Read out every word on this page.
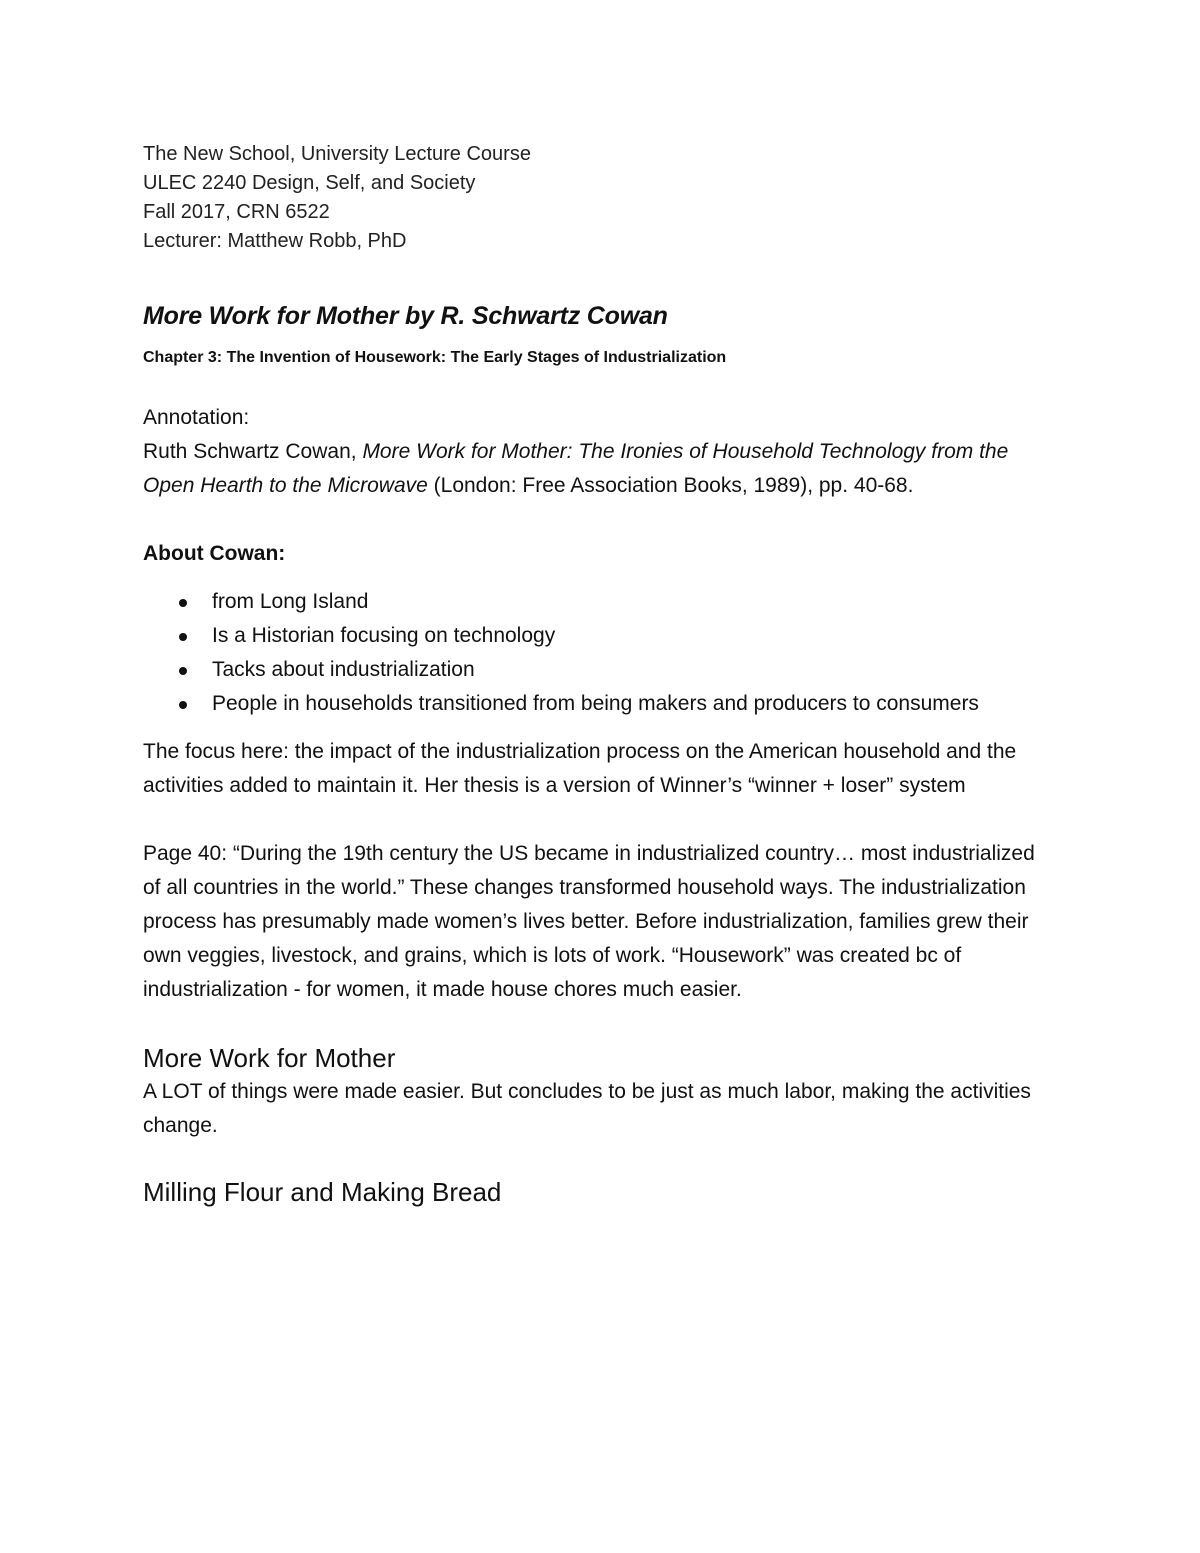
The New School, University Lecture Course

ULEC 2240 Design, Self, and Society

Fall 2017, CRN 6522

Lecturer: Matthew Robb, PhD

More Work for Mother by R. Schwartz Cowan

Chapter 3: The Invention of Housework: The Early Stages of Industrialization

Annotation:

Ruth Schwartz Cowan, More Work for Mother: The Ironies of Household Technology from the Open Hearth to the Microwave (London: Free Association Books, 1989), pp. 40-68.

About Cowan:

from Long Island
Is a Historian focusing on technology
Tacks about industrialization
People in households transitioned from being makers and producers to consumers

The focus here: the impact of the industrialization process on the American household and the activities added to maintain it. Her thesis is a version of Winner’s “winner + loser” system

Page 40: “During the 19th century the US became in industrialized country… most industrialized of all countries in the world.” These changes transformed household ways. The industrialization process has presumably made women’s lives better. Before industrialization, families grew their own veggies, livestock, and grains, which is lots of work. “Housework” was created bc of industrialization - for women, it made house chores much easier.

More Work for Mother

A LOT of things were made easier. But concludes to be just as much labor, making the activities change.

Milling Flour and Making Bread
